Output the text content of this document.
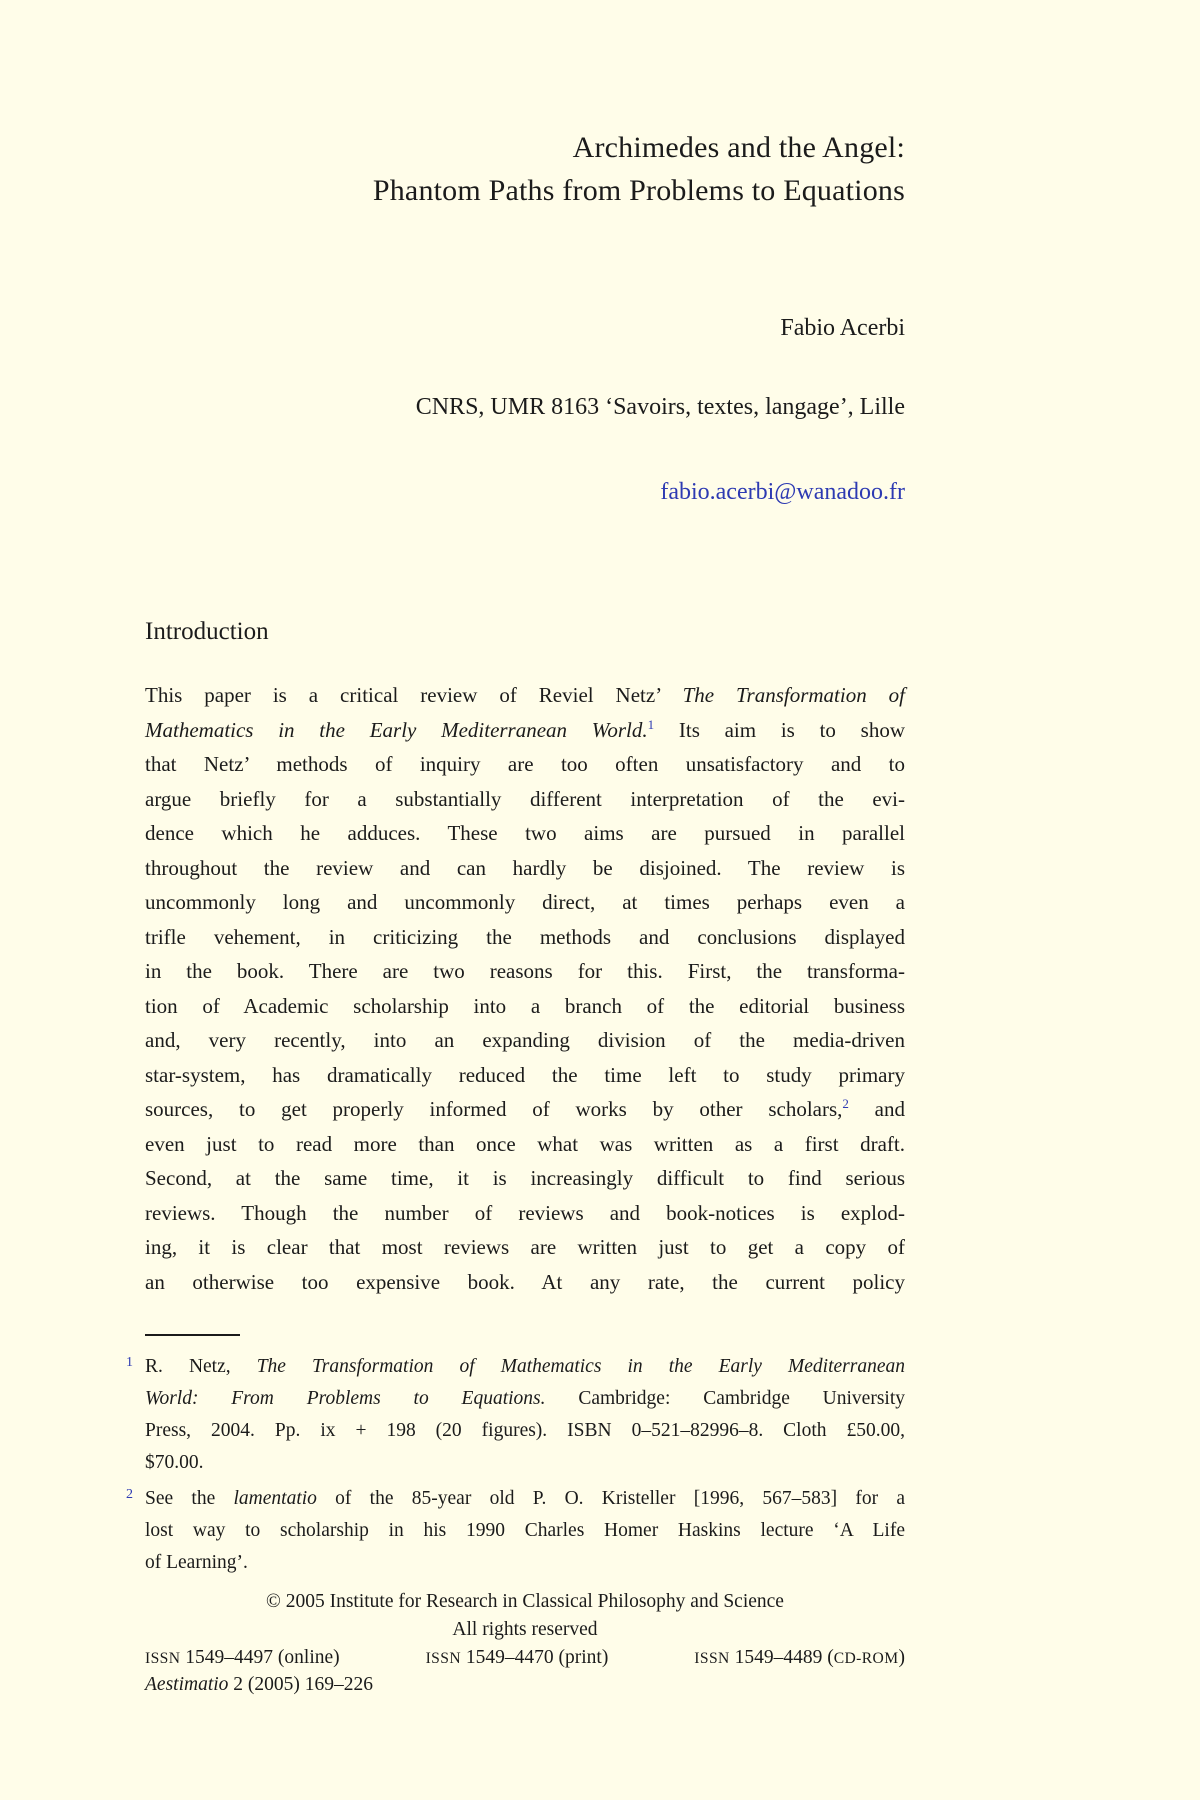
Archimedes and the Angel:
Phantom Paths from Problems to Equations
Fabio Acerbi
CNRS, UMR 8163 ‘Savoirs, textes, langage’, Lille
fabio.acerbi@wanadoo.fr
Introduction
This paper is a critical review of Reviel Netz’ The Transformation of
Mathematics in the Early Mediterranean World.$^1$ Its aim is to show
that Netz’ methods of inquiry are too often unsatisfactory and to
argue briefly for a substantially different interpretation of the evi-
dence which he adduces. These two aims are pursued in parallel
throughout the review and can hardly be disjoined. The review is
uncommonly long and uncommonly direct, at times perhaps even a
trifle vehement, in criticizing the methods and conclusions displayed
in the book. There are two reasons for this. First, the transforma-
tion of Academic scholarship into a branch of the editorial business
and, very recently, into an expanding division of the media-driven
star-system, has dramatically reduced the time left to study primary
sources, to get properly informed of works by other scholars,$^2$ and
even just to read more than once what was written as a first draft.
Second, at the same time, it is increasingly difficult to find serious
reviews. Though the number of reviews and book-notices is explod-
ing, it is clear that most reviews are written just to get a copy of
an otherwise too expensive book. At any rate, the current policy
1 R. Netz, The Transformation of Mathematics in the Early Mediterranean
World: From Problems to Equations. Cambridge: Cambridge University
Press, 2004. Pp. ix + 198 (20 figures). ISBN 0–521–82996–8. Cloth £50.00,
$70.00.
2 See the lamentatio of the 85-year old P. O. Kristeller [1996, 567–583] for a
lost way to scholarship in his 1990 Charles Homer Haskins lecture ‘A Life
of Learning’.
© 2005 Institute for Research in Classical Philosophy and Science
All rights reserved
ISSN 1549–4497 (online)	ISSN 1549–4470 (print)	ISSN 1549–4489 (CD-ROM)
Aestimatio 2 (2005) 169–226
